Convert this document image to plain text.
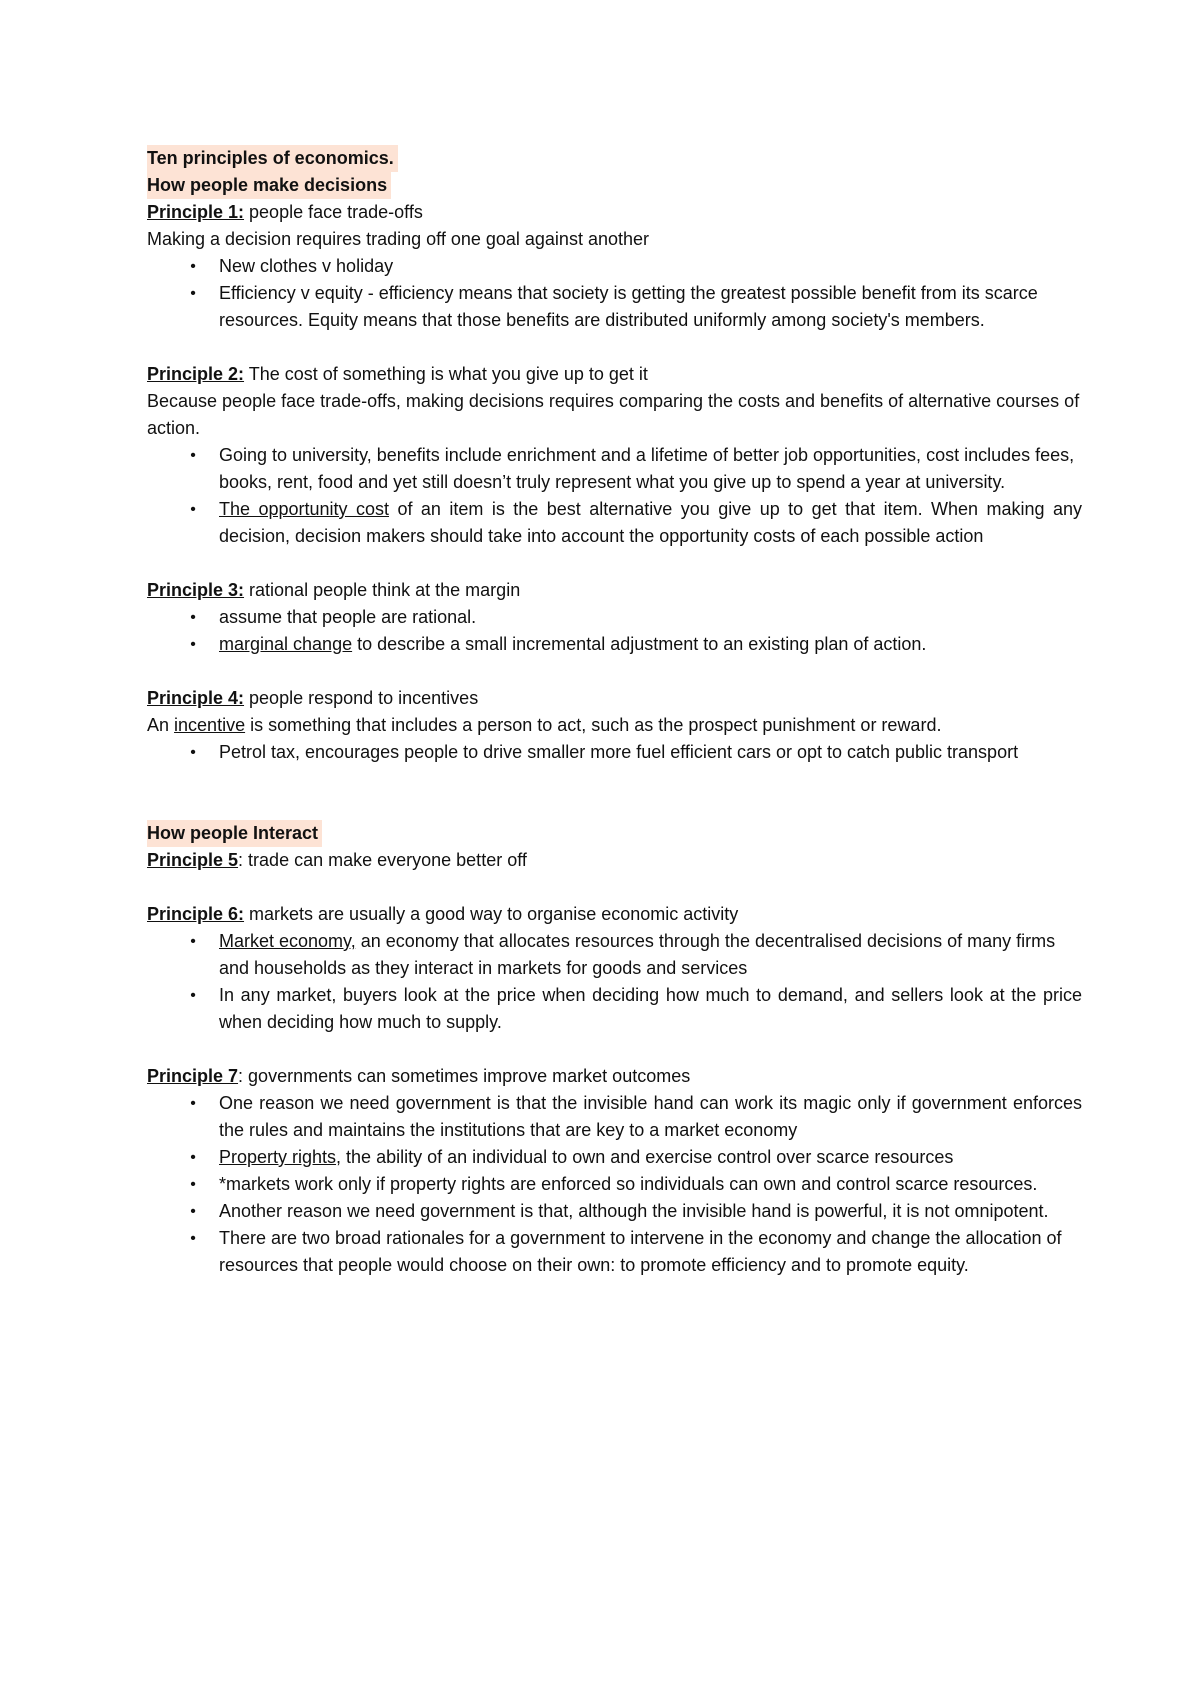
Ten principles of economics.
How people make decisions
Principle 1: people face trade-offs
Making a decision requires trading off one goal against another
•	New clothes v holiday
•	Efficiency v equity - efficiency means that society is getting the greatest possible benefit from its scarce resources. Equity means that those benefits are distributed uniformly among society's members.
Principle 2: The cost of something is what you give up to get it
Because people face trade-offs, making decisions requires comparing the costs and benefits of alternative courses of action.
•	Going to university, benefits include enrichment and a lifetime of better job opportunities, cost includes fees, books, rent, food and yet still doesn’t truly represent what you give up to spend a year at university.
•	The opportunity cost of an item is the best alternative you give up to get that item. When making any decision, decision makers should take into account the opportunity costs of each possible action
Principle 3: rational people think at the margin
•	assume that people are rational.
•	marginal change to describe a small incremental adjustment to an existing plan of action.
Principle 4: people respond to incentives
An incentive is something that includes a person to act, such as the prospect punishment or reward.
•	Petrol tax, encourages people to drive smaller more fuel efficient cars or opt to catch public transport
How people Interact
Principle 5: trade can make everyone better off
Principle 6: markets are usually a good way to organise economic activity
•	Market economy, an economy that allocates resources through the decentralised decisions of many firms and households as they interact in markets for goods and services
•	In any market, buyers look at the price when deciding how much to demand, and sellers look at the price when deciding how much to supply.
Principle 7: governments can sometimes improve market outcomes
•	One reason we need government is that the invisible hand can work its magic only if government enforces the rules and maintains the institutions that are key to a market economy
•	Property rights, the ability of an individual to own and exercise control over scarce resources
•	*markets work only if property rights are enforced so individuals can own and control scarce resources.
•	Another reason we need government is that, although the invisible hand is powerful, it is not omnipotent.
•	There are two broad rationales for a government to intervene in the economy and change the allocation of resources that people would choose on their own: to promote efficiency and to promote equity.
